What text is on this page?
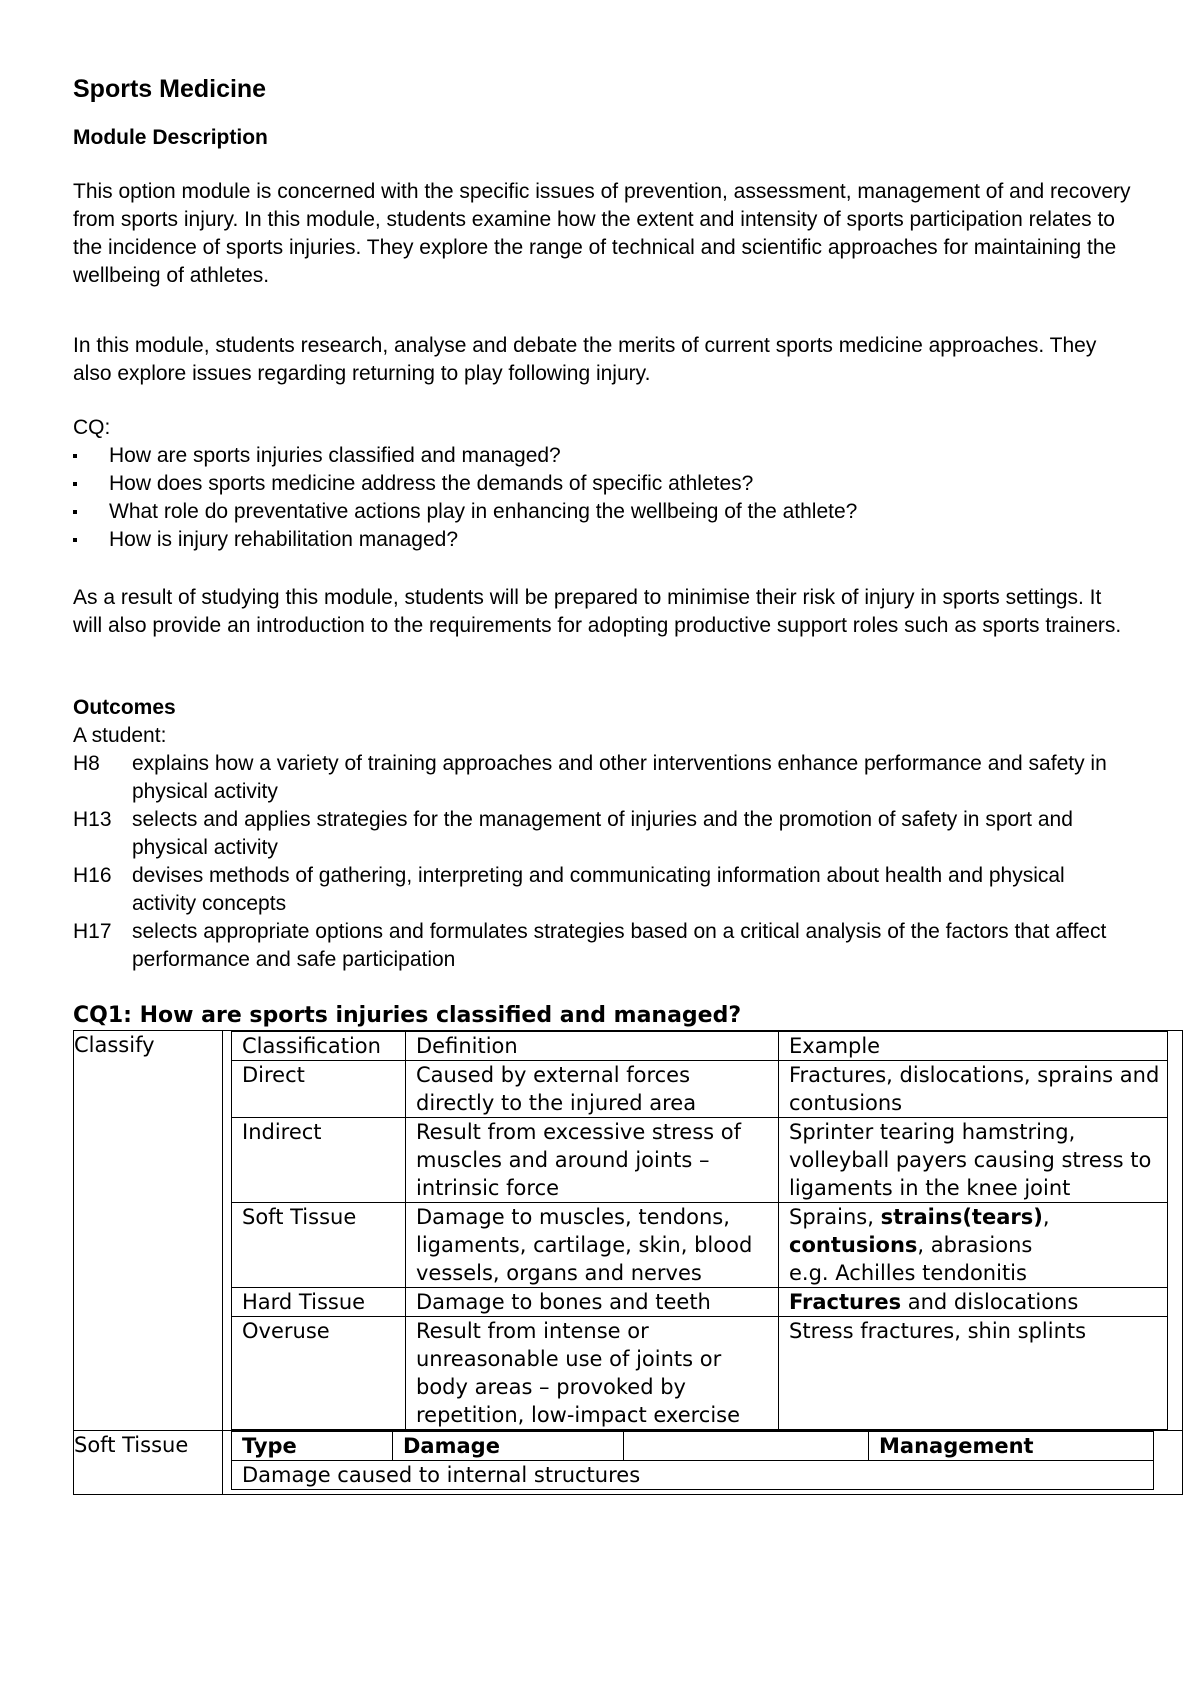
Sports Medicine
Module Description

This option module is concerned with the specific issues of prevention, assessment, management of and recovery from sports injury. In this module, students examine how the extent and intensity of sports participation relates to the incidence of sports injuries. They explore the range of technical and scientific approaches for maintaining the wellbeing of athletes.

In this module, students research, analyse and debate the merits of current sports medicine approaches. They also explore issues regarding returning to play following injury.

CQ:
How are sports injuries classified and managed?
How does sports medicine address the demands of specific athletes?
What role do preventative actions play in enhancing the wellbeing of the athlete?
How is injury rehabilitation managed?

As a result of studying this module, students will be prepared to minimise their risk of injury in sports settings. It will also provide an introduction to the requirements for adopting productive support roles such as sports trainers.

Outcomes
A student:
H8	explains how a variety of training approaches and other interventions enhance performance and safety in physical activity
H13 selects and applies strategies for the management of injuries and the promotion of safety in sport and physical activity
H16 devises methods of gathering, interpreting and communicating information about health and physical activity concepts
H17 selects appropriate options and formulates strategies based on a critical analysis of the factors that affect performance and safe participation
CQ1: How are sports injuries classified and managed?
Classify		Classification	Definition	Example
Direct	Caused by external forces directly to the injured area	Fractures, dislocations, sprains and contusions
Indirect	Result from excessive stress of muscles and around joints – intrinsic force	Sprinter tearing hamstring, volleyball payers causing stress to ligaments in the knee joint
Soft Tissue	Damage to muscles, tendons, ligaments, cartilage, skin, blood vessels, organs and nerves	Sprains, strains(tears),
contusions, abrasions
e.g. Achilles tendonitis
Hard Tissue	Damage to bones and teeth	Fractures and dislocations
Overuse	Result from intense or unreasonable use of joints or body areas – provoked by repetition, low-impact exercise	Stress fractures, shin splints

Soft Tissue		Type	Damage		Management
Damage caused to internal structures
